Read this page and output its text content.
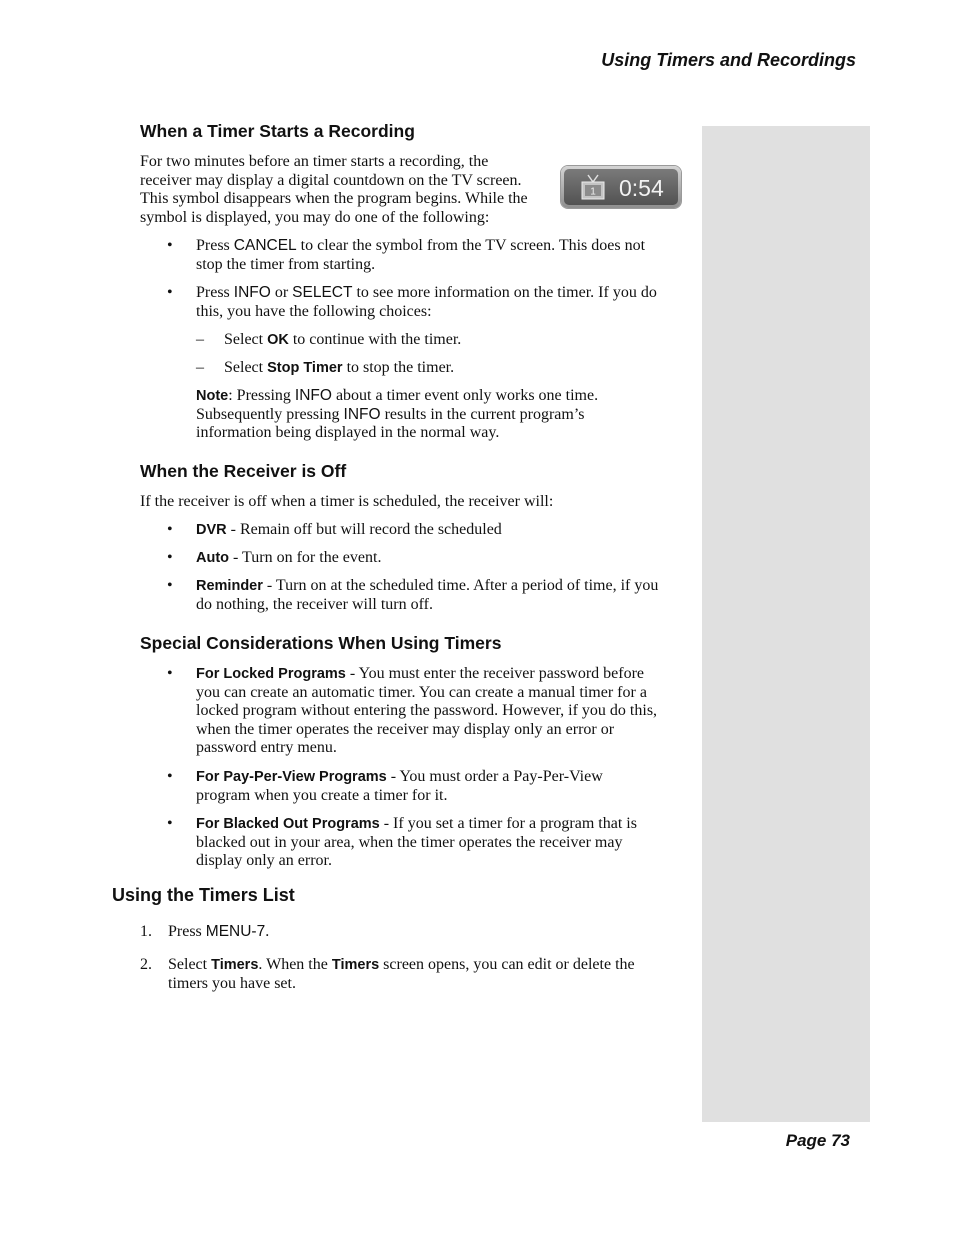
Using Timers and Recordings
When a Timer Starts a Recording
For two minutes before an timer starts a recording, the
receiver may display a digital countdown on the TV screen.
This symbol disappears when the program begins. While the
symbol is displayed, you may do one of the following:
1 0:54
• Press CANCEL to clear the symbol from the TV screen. This does not
stop the timer from starting.
• Press INFO or SELECT to see more information on the timer. If you do
this, you have the following choices:
– Select OK to continue with the timer.
– Select Stop Timer to stop the timer.
Note: Pressing INFO about a timer event only works one time.
Subsequently pressing INFO results in the current program’s
information being displayed in the normal way.
When the Receiver is Off
If the receiver is off when a timer is scheduled, the receiver will:
• DVR - Remain off but will record the scheduled
• Auto - Turn on for the event.
• Reminder - Turn on at the scheduled time. After a period of time, if you
do nothing, the receiver will turn off.
Special Considerations When Using Timers
• For Locked Programs - You must enter the receiver password before
you can create an automatic timer. You can create a manual timer for a
locked program without entering the password. However, if you do this,
when the timer operates the receiver may display only an error or
password entry menu.
• For Pay-Per-View Programs - You must order a Pay-Per-View
program when you create a timer for it.
• For Blacked Out Programs - If you set a timer for a program that is
blacked out in your area, when the timer operates the receiver may
display only an error.
Using the Timers List
1. Press MENU-7.
2. Select Timers. When the Timers screen opens, you can edit or delete the
timers you have set.
Page 73
